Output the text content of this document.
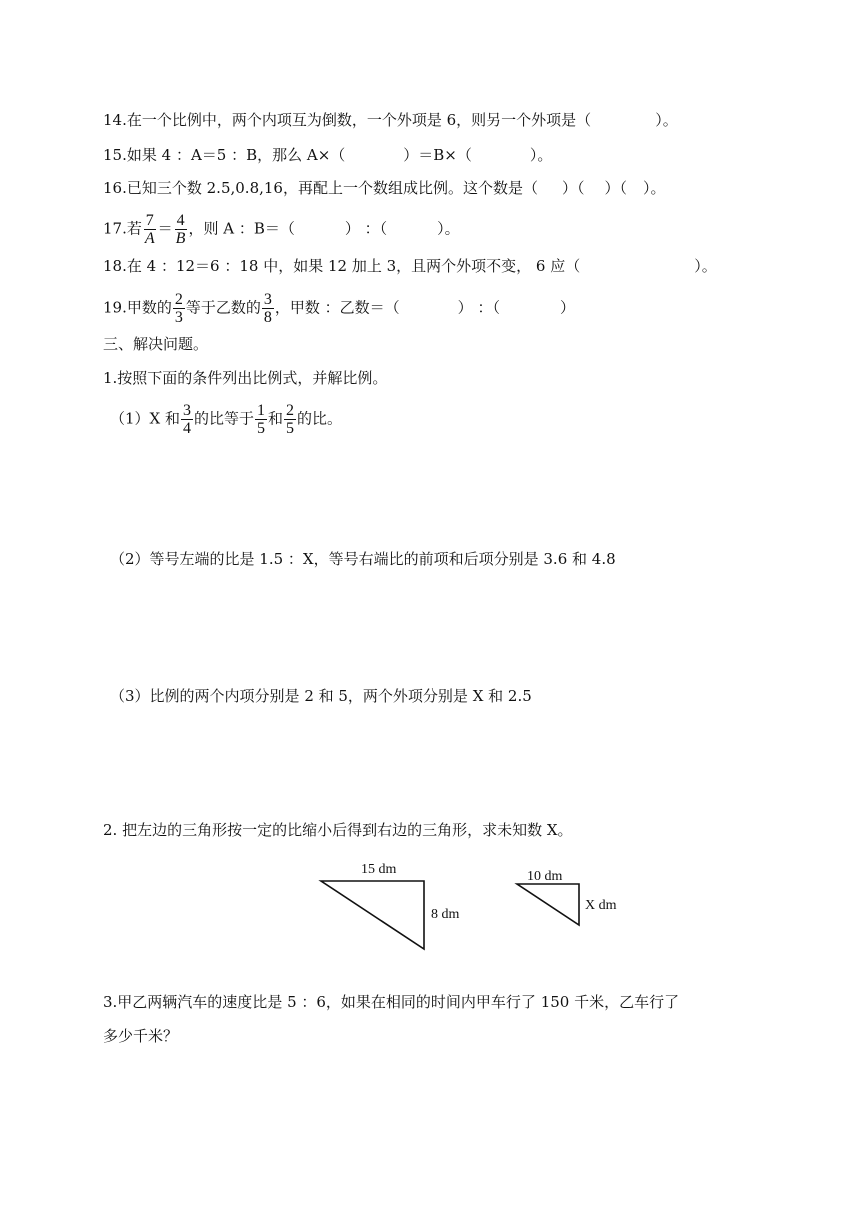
14.在一个比例中，两个内项互为倒数，一个外项是 6，则另一个外项是（	）。
15.如果 4 ：A＝5 ：B，那么 A×（	）＝B×（	）。
16.已知三个数 2.5,0.8,16，再配上一个数组成比例。这个数是（ ）（ ）（ ）。
17.若 $\frac{7}{A} = \frac{4}{B}$ ，则 A ：B＝（	） ：（	）。
18.在 4 ：12＝6 ：18 中，如果 12 加上 3，且两个外项不变， 6 应（	）。
19.甲数的 $\frac{2}{3}$ 等于乙数的 $\frac{3}{8}$ ，甲数 ：乙数＝（	） ：（	）
三、解决问题。
1.按照下面的条件列出比例式，并解比例。
（1）X 和 $\frac{3}{4}$ 的比等于 $\frac{1}{5}$ 和 $\frac{2}{5}$ 的比。
（2）等号左端的比是 1.5 ：X，等号右端比的前项和后项分别是 3.6 和 4.8
（3）比例的两个内项分别是 2 和 5，两个外项分别是 X 和 2.5
2. 把左边的三角形按一定的比缩小后得到右边的三角形，求未知数 X。
15 dm
8 dm
10 dm
X dm
3.甲乙两辆汽车的速度比是 5 ：6，如果在相同的时间内甲车行了 150 千米，乙车行了
多少千米？
